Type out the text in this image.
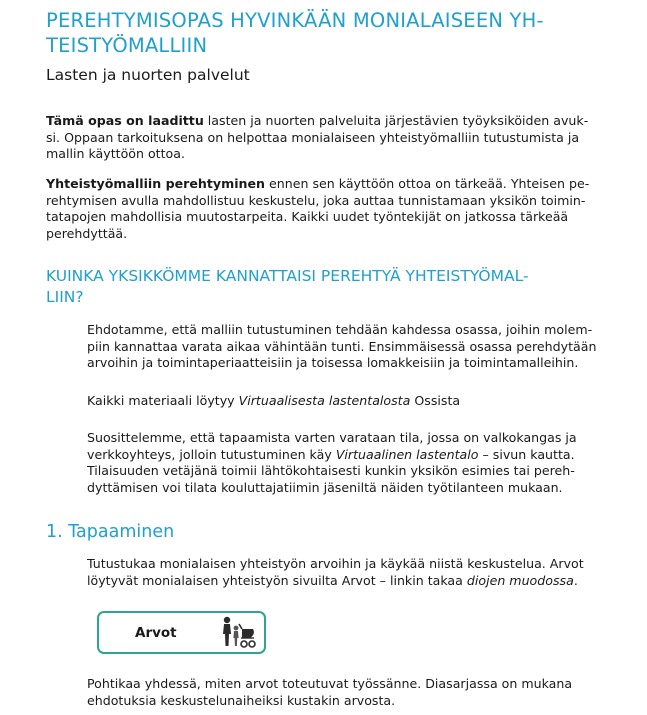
PEREHTYMISOPAS HYVINKÄÄN MONIALAISEEN YH-
TEISTYÖMALLIIN
Lasten ja nuorten palvelut

Tämä opas on laadittu lasten ja nuorten palveluita järjestävien työyksiköiden avuk-
si. Oppaan tarkoituksena on helpottaa monialaiseen yhteistyömalliin tutustumista ja
mallin käyttöön ottoa.

Yhteistyömalliin perehtyminen ennen sen käyttöön ottoa on tärkeää. Yhteisen pe-
rehtymisen avulla mahdollistuu keskustelu, joka auttaa tunnistamaan yksikön toimin-
tatapojen mahdollisia muutostarpeita. Kaikki uudet työntekijät on jatkossa tärkeää
perehdyttää.

KUINKA YKSIKKÖMME KANNATTAISI PEREHTYÄ YHTEISTYÖMAL-
LIIN?

Ehdotamme, että malliin tutustuminen tehdään kahdessa osassa, joihin molem-
piin kannattaa varata aikaa vähintään tunti. Ensimmäisessä osassa perehdytään
arvoihin ja toimintaperiaatteisiin ja toisessa lomakkeisiin ja toimintamalleihin.

Kaikki materiaali löytyy Virtuaalisesta lastentalosta Ossista

Suosittelemme, että tapaamista varten varataan tila, jossa on valkokangas ja
verkkoyhteys, jolloin tutustuminen käy Virtuaalinen lastentalo – sivun kautta.
Tilaisuuden vetäjänä toimii lähtökohtaisesti kunkin yksikön esimies tai pereh-
dyttämisen voi tilata kouluttajatiimin jäseniltä näiden työtilanteen mukaan.

1. Tapaaminen

Tutustukaa monialaisen yhteistyön arvoihin ja käykää niistä keskustelua. Arvot
löytyvät monialaisen yhteistyön sivuilta Arvot – linkin takaa diojen muodossa.

Arvot

Pohtikaa yhdessä, miten arvot toteutuvat työssänne. Diasarjassa on mukana
ehdotuksia keskustelunaiheiksi kustakin arvosta.
